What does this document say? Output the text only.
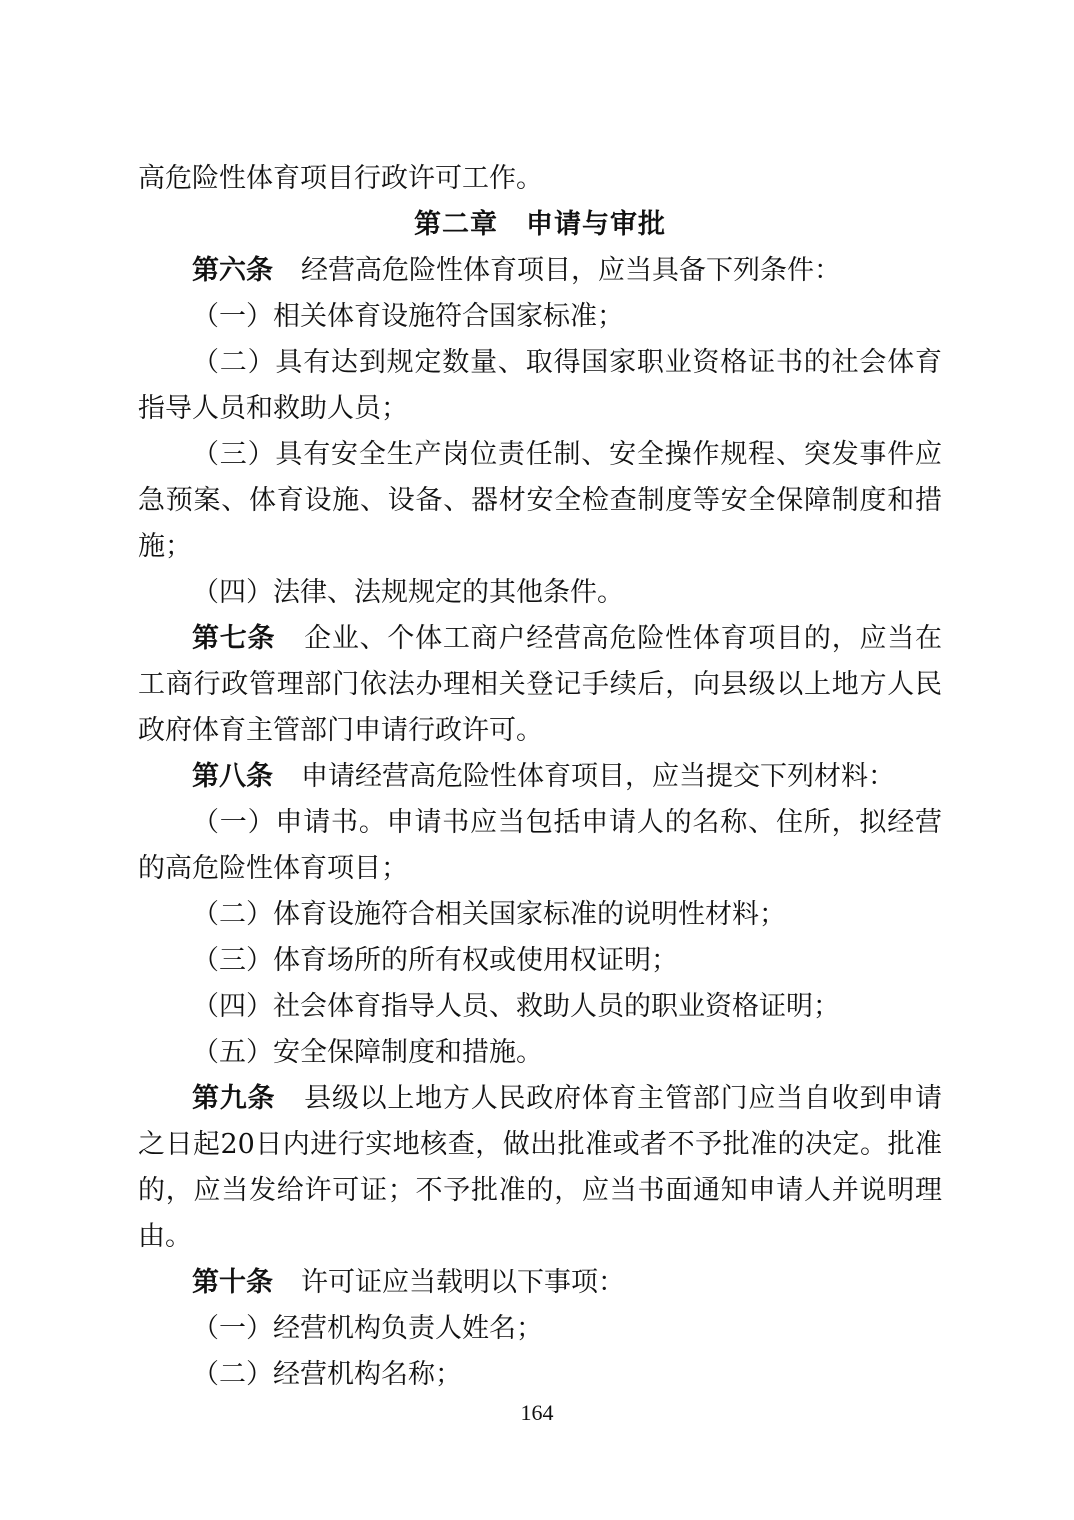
高危险性体育项目行政许可工作。

第二章　申请与审批

第六条 经营高危险性体育项目，应当具备下列条件：

（一）相关体育设施符合国家标准；

（二）具有达到规定数量、取得国家职业资格证书的社会体育指导人员和救助人员；

（三）具有安全生产岗位责任制、安全操作规程、突发事件应急预案、体育设施、设备、器材安全检查制度等安全保障制度和措施；

（四）法律、法规规定的其他条件。

第七条 企业、个体工商户经营高危险性体育项目的，应当在工商行政管理部门依法办理相关登记手续后，向县级以上地方人民政府体育主管部门申请行政许可。

第八条 申请经营高危险性体育项目，应当提交下列材料：

（一）申请书。申请书应当包括申请人的名称、住所，拟经营的高危险性体育项目；

（二）体育设施符合相关国家标准的说明性材料；

（三）体育场所的所有权或使用权证明；

（四）社会体育指导人员、救助人员的职业资格证明；

（五）安全保障制度和措施。

第九条 县级以上地方人民政府体育主管部门应当自收到申请之日起20日内进行实地核查，做出批准或者不予批准的决定。批准的，应当发给许可证；不予批准的，应当书面通知申请人并说明理由。

第十条 许可证应当载明以下事项：

（一）经营机构负责人姓名；

（二）经营机构名称；

164
